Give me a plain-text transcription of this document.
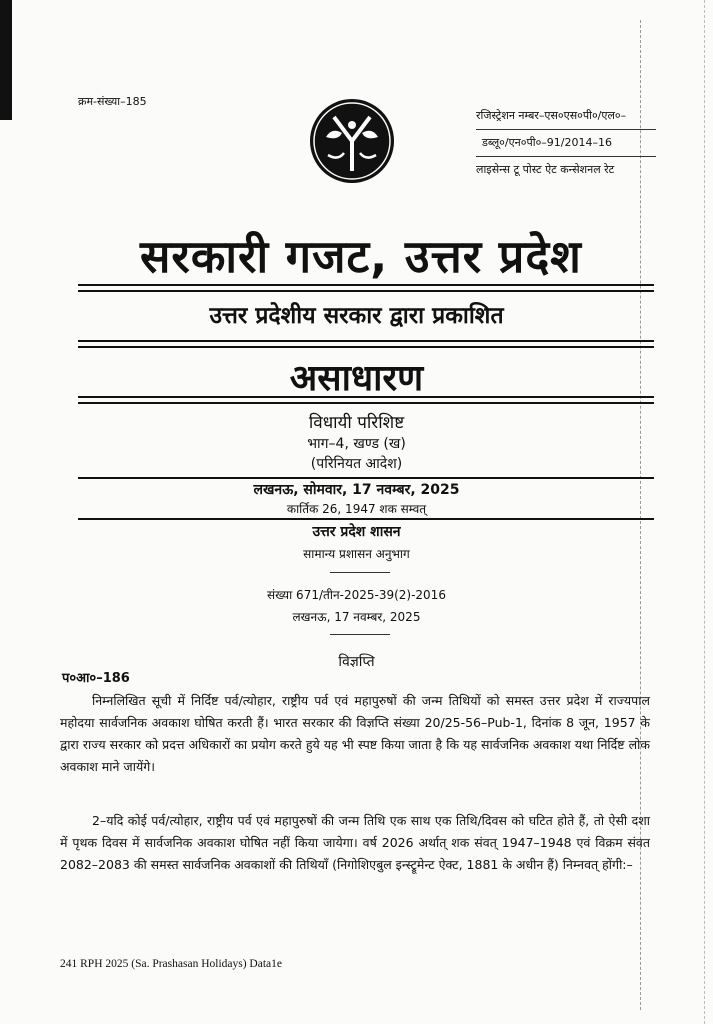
क्रम-संख्या–185
रजिस्ट्रेशन नम्बर–एस०एस०पी०/एल०–
डब्लू०/एन०पी०–91/2014–16
लाइसेन्स टू पोस्ट ऐट कन्सेशनल रेट
सरकारी गजट, उत्तर प्रदेश
उत्तर प्रदेशीय सरकार द्वारा प्रकाशित
असाधारण
विधायी परिशिष्ट
भाग–4, खण्ड (ख)
(परिनियत आदेश)
लखनऊ, सोमवार, 17 नवम्बर, 2025
कार्तिक 26, 1947 शक सम्वत्
उत्तर प्रदेश शासन
सामान्य प्रशासन अनुभाग
संख्या 671/तीन-2025-39(2)-2016
लखनऊ, 17 नवम्बर, 2025
विज्ञप्ति
प०आ०–186
निम्नलिखित सूची में निर्दिष्ट पर्व/त्योहार, राष्ट्रीय पर्व एवं महापुरुषों की जन्म तिथियों को समस्त उत्तर प्रदेश में राज्यपाल महोदया सार्वजनिक अवकाश घोषित करती हैं। भारत सरकार की विज्ञप्ति संख्या 20/25-56–Pub-1, दिनांक 8 जून, 1957 के द्वारा राज्य सरकार को प्रदत्त अधिकारों का प्रयोग करते हुये यह भी स्पष्ट किया जाता है कि यह सार्वजनिक अवकाश यथा निर्दिष्ट लोक अवकाश माने जायेंगे।
2–यदि कोई पर्व/त्योहार, राष्ट्रीय पर्व एवं महापुरुषों की जन्म तिथि एक साथ एक तिथि/दिवस को घटित होते हैं, तो ऐसी दशा में पृथक दिवस में सार्वजनिक अवकाश घोषित नहीं किया जायेगा। वर्ष 2026 अर्थात् शक संवत् 1947–1948 एवं विक्रम संवत 2082–2083 की समस्त सार्वजनिक अवकाशों की तिथियाँ (निगोशिएबुल इन्स्ट्रूमेन्ट ऐक्ट, 1881 के अधीन हैं) निम्नवत् होंगी:–
241 RPH 2025 (Sa. Prashasan Holidays) Data1e
